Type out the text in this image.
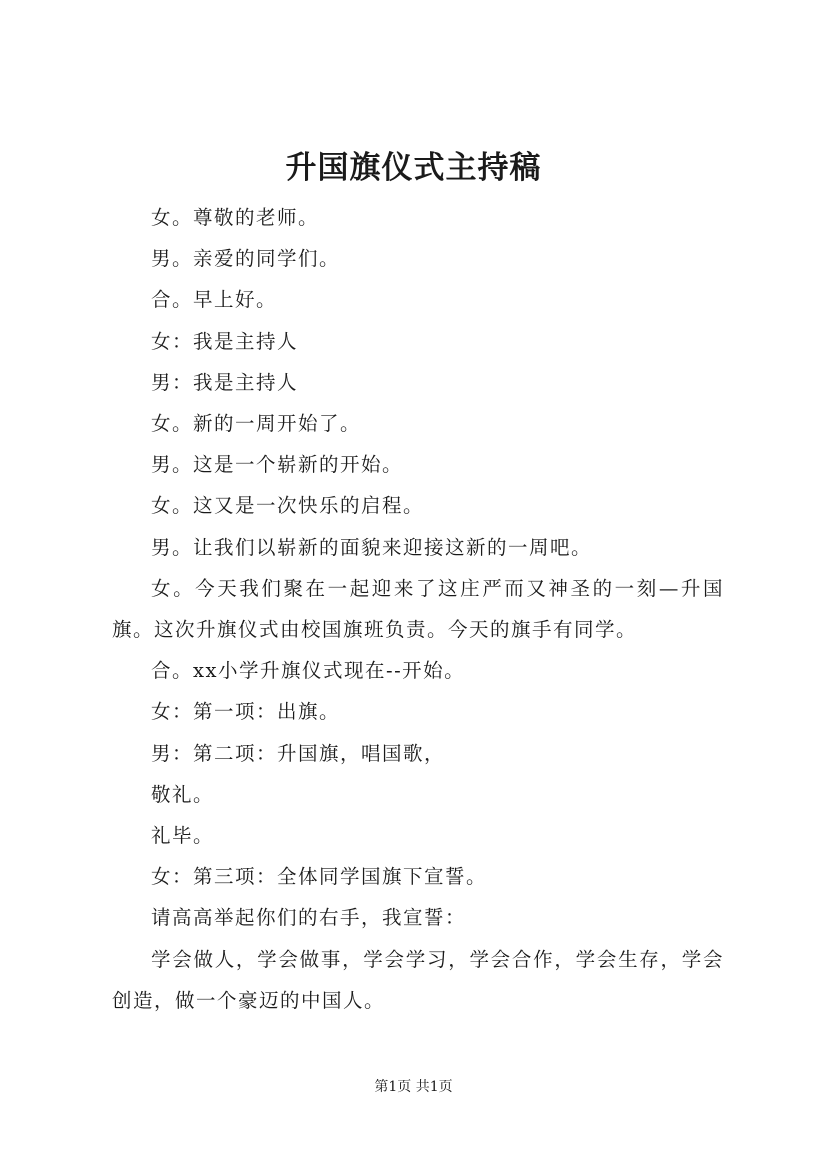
升国旗仪式主持稿

女。尊敬的老师。

男。亲爱的同学们。

合。早上好。

女：我是主持人

男：我是主持人

女。新的一周开始了。

男。这是一个崭新的开始。

女。这又是一次快乐的启程。

男。让我们以崭新的面貌来迎接这新的一周吧。

女。今天我们聚在一起迎来了这庄严而又神圣的一刻—升国旗。这次升旗仪式由校国旗班负责。今天的旗手有同学。

合。xx小学升旗仪式现在--开始。

女：第一项：出旗。

男：第二项：升国旗，唱国歌，

敬礼。

礼毕。

女：第三项：全体同学国旗下宣誓。

请高高举起你们的右手，我宣誓：

学会做人，学会做事，学会学习，学会合作，学会生存，学会创造，做一个豪迈的中国人。

第1页 共1页
